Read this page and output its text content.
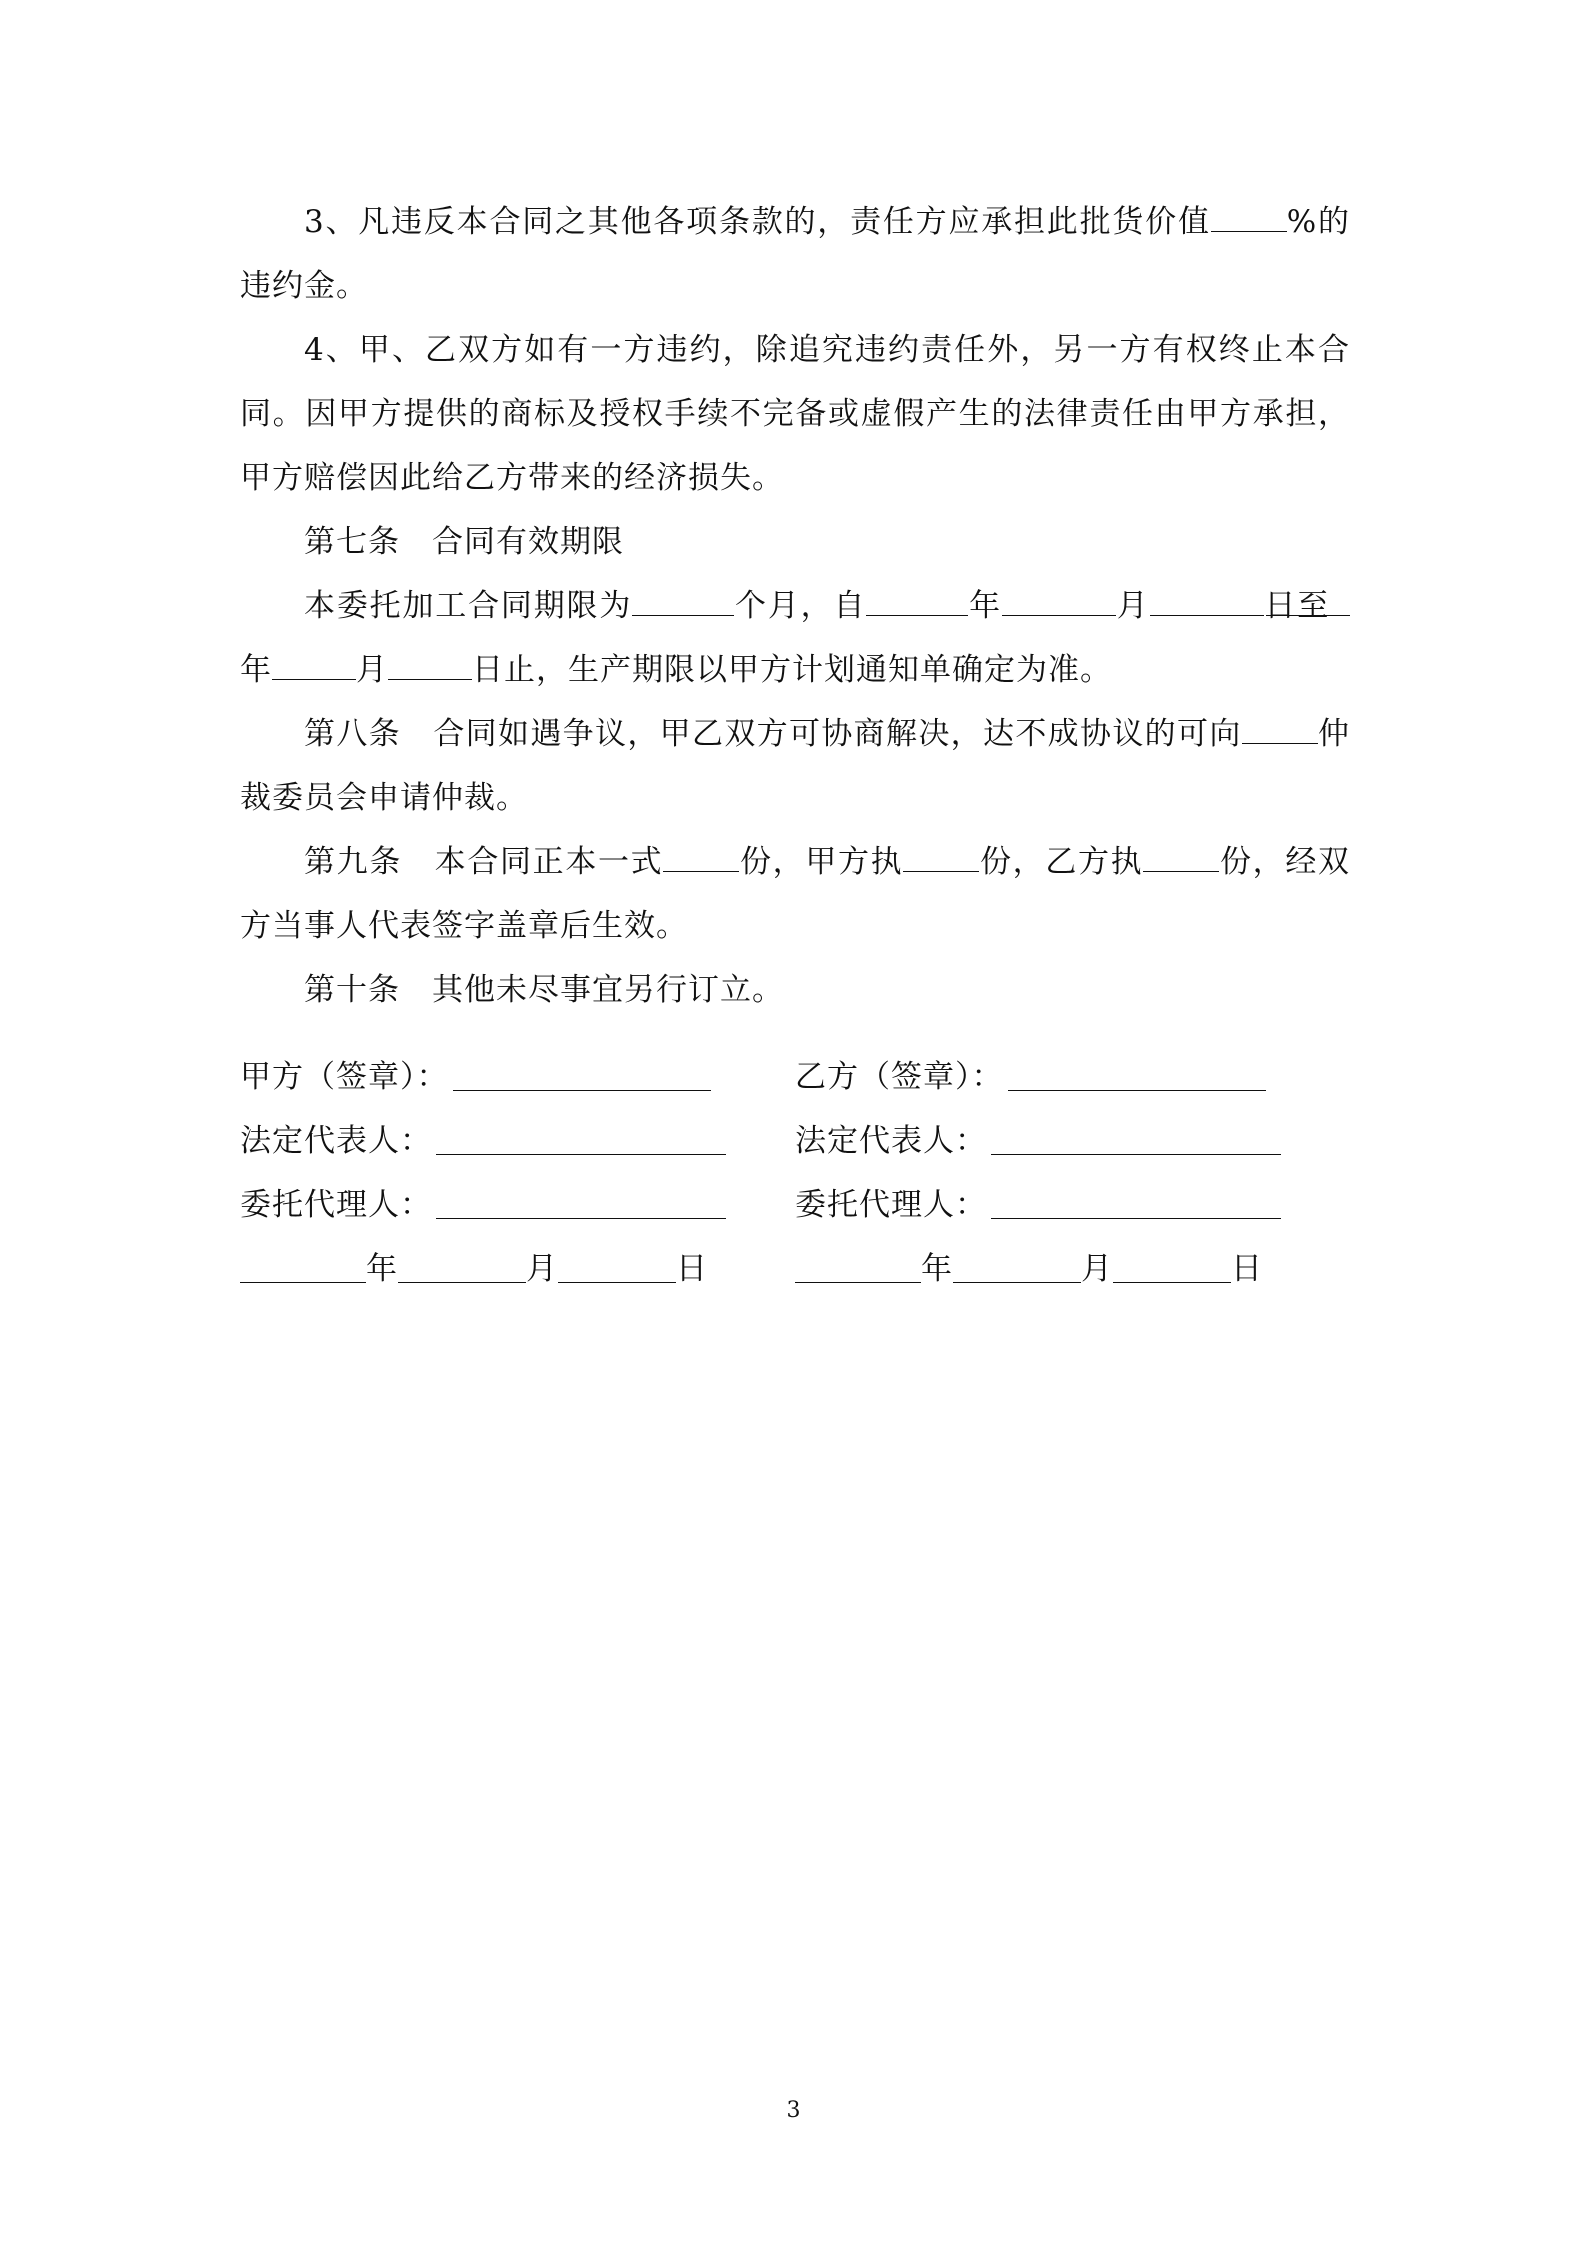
3、凡违反本合同之其他各项条款的，责任方应承担此批货价值 %的违约金。

4、甲、乙双方如有一方违约，除追究违约责任外，另一方有权终止本合同。因甲方提供的商标及授权手续不完备或虚假产生的法律责任由甲方承担，甲方赔偿因此给乙方带来的经济损失。

第七条　合同有效期限

本委托加工合同期限为	个月，自	年	月	日至年	月	日止，生产期限以甲方计划通知单确定为准。

第八条　合同如遇争议，甲乙双方可协商解决，达不成协议的可向 仲裁委员会申请仲裁。

第九条　本合同正本一式 份，甲方执 份，乙方执 份，经双方当事人代表签字盖章后生效。

第十条　其他未尽事宜另行订立。

甲方（签章）：	乙方（签章）：
法定代表人：	法定代表人：
委托代理人：	委托代理人：
年	月	日	年	月	日
3
